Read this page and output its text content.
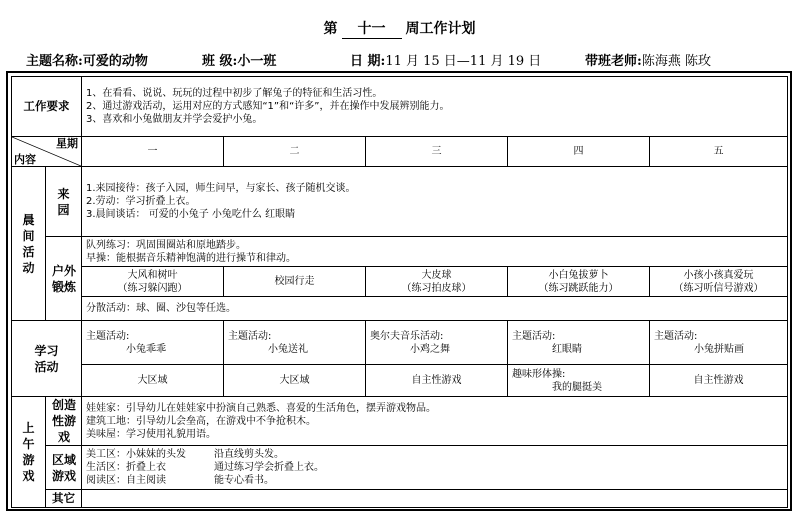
第 十一 周工作计划
主题名称:可爱的动物	班 级:小一班	日 期:11 月 15 日—11 月 19 日	带班老师:陈海燕 陈玫
工作要求		1、在看看、说说、玩玩的过程中初步了解兔子的特征和生活习性。
2、通过游戏活动，运用对应的方式感知“1”和“许多”，并在操作中发展辨别能力。
3、喜欢和小兔做朋友并学会爱护小兔。				

星期
内容		一	二	三	四	五
晨间活动	来园	1.来园接待：孩子入园，师生问早，与家长、孩子随机交谈。
2.劳动：学习折叠上衣。
3.晨间谈话： 可爱的小兔子 小兔吃什么 红眼睛				

	户外锻炼	队列练习：巩固围圈站和原地踏步。
早操：能根据音乐精神饱满的进行操节和律动。				

		大风和树叶
（练习躲闪跑）	校园行走	大皮球
（练习拍皮球）	小白兔拔萝卜
（练习跳跃能力）	小孩小孩真爱玩
（练习听信号游戏）

		分散活动：球、圈、沙包等任选。				
学习活动		主题活动:
小兔乖乖	主题活动:
小兔送礼	奥尔夫音乐活动:
小鸡之舞	主题活动:
红眼睛	主题活动:
小兔拼贴画

		大区域	大区域	自主性游戏	趣味形体操:
我的腿挺美	自主性游戏

上午游戏	创造性游戏	娃娃家：引导幼儿在娃娃家中扮演自己熟悉、喜爱的生活角色，摆弄游戏物品。
建筑工地：引导幼儿会垒高，在游戏中不争抢积木。
美味屋：学习使用礼貌用语。				

	区域游戏	美工区：小妹妹的头发 沿直线剪头发。
生活区：折叠上衣 通过练习学会折叠上衣。
阅读区：自主阅读 能专心看书。				

	其它					
